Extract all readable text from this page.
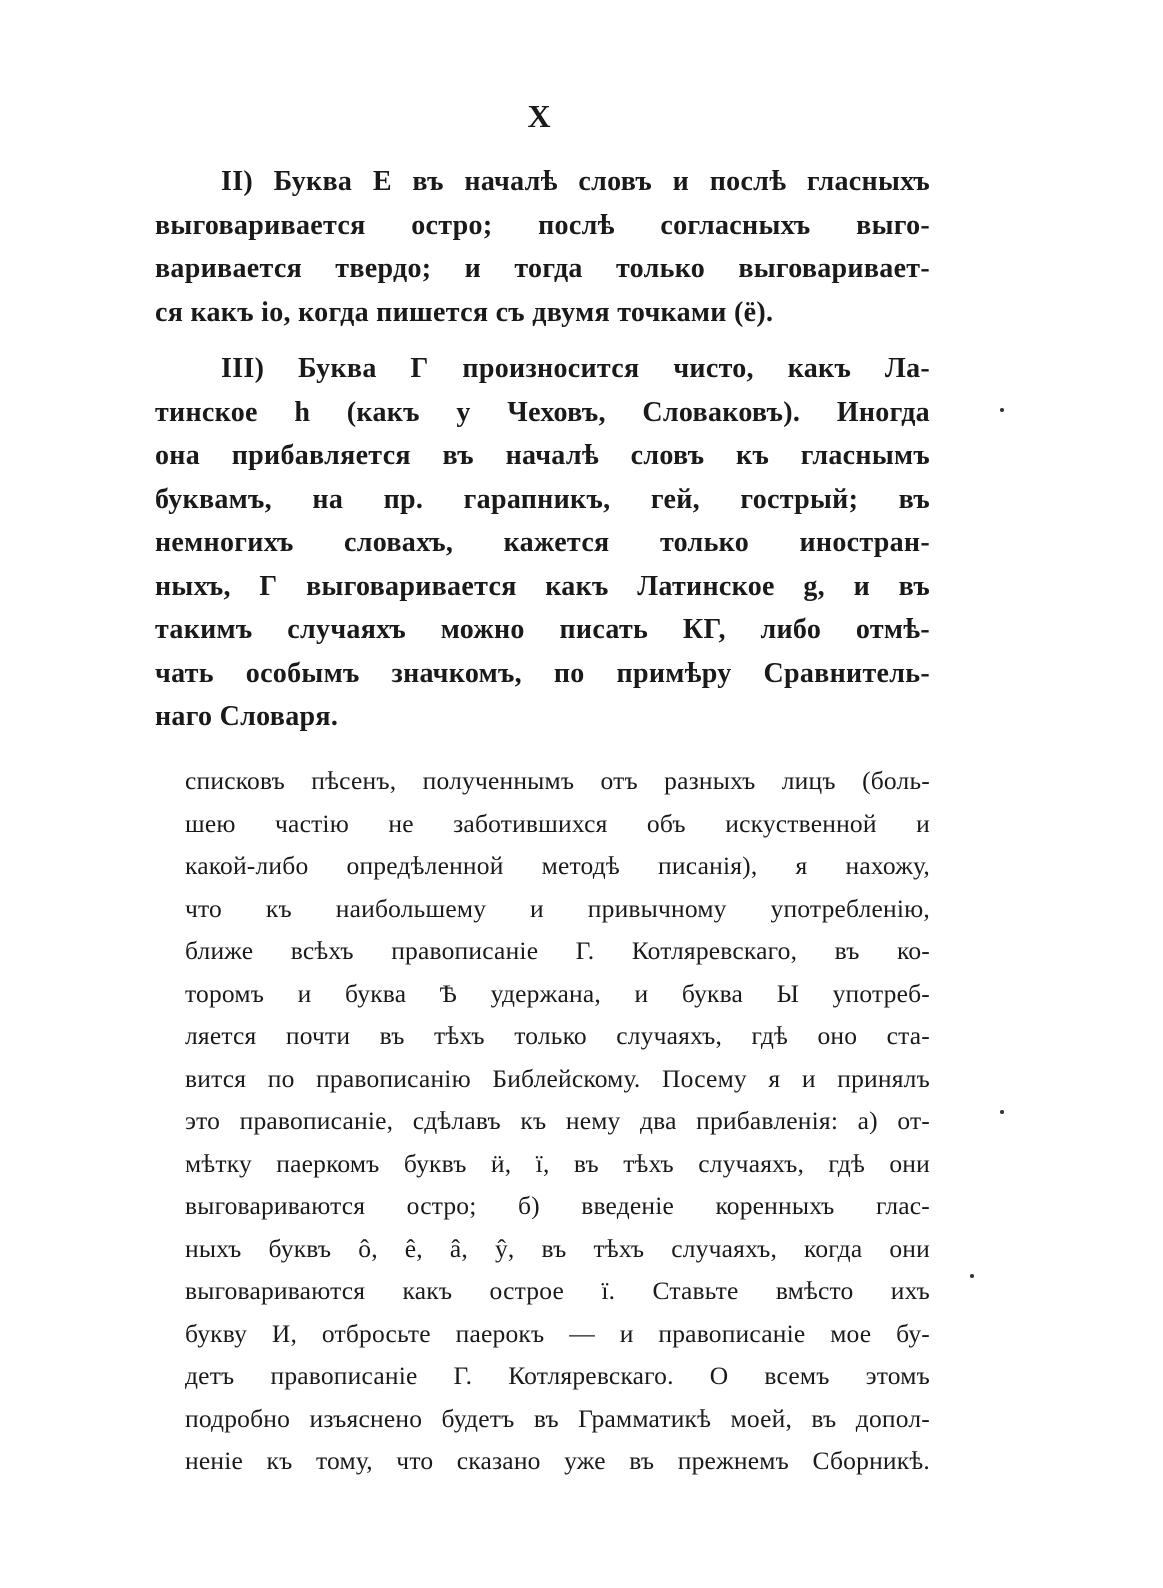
X
II) Буква Е въ началѣ словъ и послѣ гласныхъ
выговаривается остро; послѣ согласныхъ выго-
варивается твердо; и тогда только выговаривает-
ся какъ іо, когда пишется съ двумя точками (ё).
III) Буква Г произносится чисто, какъ Ла-
тинское h (какъ у Чеховъ, Словаковъ). Иногда
она прибавляется въ началѣ словъ къ гласнымъ
буквамъ, на пр. гарапникъ, гей, гострый; въ
немногихъ словахъ, кажется только иностран-
ныхъ, Г выговаривается какъ Латинское g, и въ
такимъ случаяхъ можно писать КГ, либо отмѣ-
чать особымъ значкомъ, по примѣру Сравнитель-
наго Словаря.
списковъ пѣсенъ, полученнымъ отъ разныхъ лицъ (боль-
шею частію не заботившихся объ искуственной и
какой-либо опредѣленной методѣ писанія), я нахожу,
что къ наибольшему и привычному употребленію,
ближе всѣхъ правописаніе Г. Котляревскаго, въ ко-
торомъ и буква Ѣ удержана, и буква Ы употреб-
ляется почти въ тѣхъ только случаяхъ, гдѣ оно ста-
вится по правописанію Библейскому. Посему я и принялъ
это правописаніе, сдѣлавъ къ нему два прибавленія: а) от-
мѣтку паеркомъ буквъ ӥ, ї, въ тѣхъ случаяхъ, гдѣ они
выговариваются остро; б) введеніе коренныхъ глас-
ныхъ буквъ ô, ê, â, ŷ, въ тѣхъ случаяхъ, когда они
выговариваются какъ острое ї. Ставьте вмѣсто ихъ
букву И, отбросьте паерокъ — и правописаніе мое бу-
детъ правописаніе Г. Котляревскаго. О всемъ этомъ
подробно изъяснено будетъ въ Грамматикѣ моей, въ допол-
неніе къ тому, что сказано уже въ прежнемъ Сборникѣ.
